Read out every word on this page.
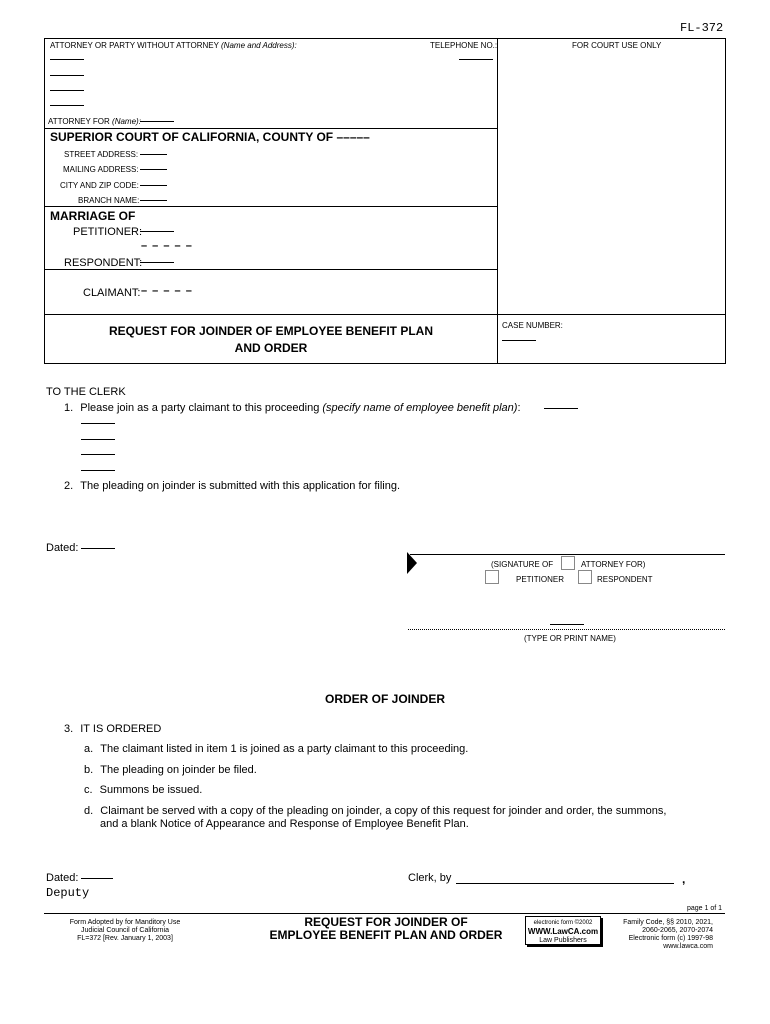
FL-372
ATTORNEY OR PARTY WITHOUT ATTORNEY (Name and Address):	TELEPHONE NO.:
ATTORNEY FOR (Name):
FOR COURT USE ONLY
SUPERIOR COURT OF CALIFORNIA, COUNTY OF –––––
STREET ADDRESS:
MAILING ADDRESS:
CITY AND ZIP CODE:
BRANCH NAME:
MARRIAGE OF
PETITIONER:
– – – – –
RESPONDENT:
CLAIMANT: – – – – –
REQUEST FOR JOINDER OF EMPLOYEE BENEFIT PLAN
AND ORDER
CASE NUMBER:
TO THE CLERK
1. Please join as a party claimant to this proceeding (specify name of employee benefit plan):
2. The pleading on joinder is submitted with this application for filing.
Dated:
(SIGNATURE OF	ATTORNEY FOR)
PETITIONER	RESPONDENT
(TYPE OR PRINT NAME)
ORDER OF JOINDER
3. IT IS ORDERED
a. The claimant listed in item 1 is joined as a party claimant to this proceeding.
b. The pleading on joinder be filed.
c. Summons be issued.
d. Claimant be served with a copy of the pleading on joinder, a copy of this request for joinder and order, the summons,
and a blank Notice of Appearance and Response of Employee Benefit Plan.
Dated:	Clerk, by	,
Deputy
page 1 of 1
Form Adopted by for Manditory Use
Judicial Council of California
FL=372 [Rev. January 1, 2003]
REQUEST FOR JOINDER OF
EMPLOYEE BENEFIT PLAN AND ORDER
electronic form ©2002
WWW.LawCA.com
Law Publishers
Family Code, §§ 2010, 2021,
2060-2065, 2070-2074
Electronic form (c) 1997-98
www.lawca.com
